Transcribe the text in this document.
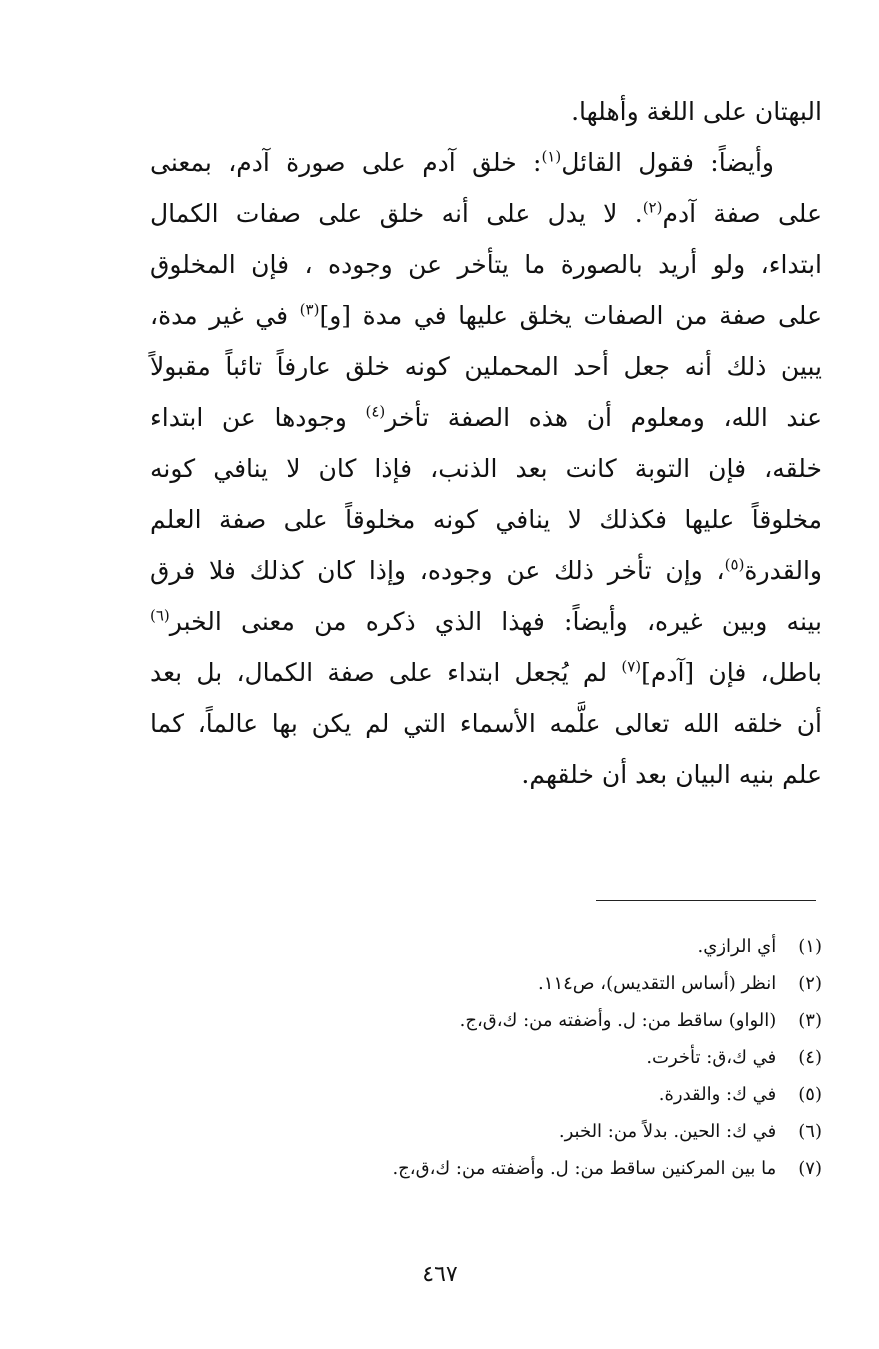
البهتان على اللغة وأهلها.
وأيضاً: فقول القائل$^{(١)}$: خلق آدم على صورة آدم، بمعنى
على صفة آدم$^{(٢)}$. لا يدل على أنه خلق على صفات الكمال
ابتداء، ولو أريد بالصورة ما يتأخر عن وجوده ، فإن المخلوق
على صفة من الصفات يخلق عليها في مدة [و]$^{(٣)}$ في غير مدة،
يبين ذلك أنه جعل أحد المحملين كونه خلق عارفاً تائباً مقبولاً
عند الله، ومعلوم أن هذه الصفة تأخر$^{(٤)}$ وجودها عن ابتداء
خلقه، فإن التوبة كانت بعد الذنب، فإذا كان لا ينافي كونه
مخلوقاً عليها فكذلك لا ينافي كونه مخلوقاً على صفة العلم
والقدرة$^{(٥)}$، وإن تأخر ذلك عن وجوده، وإذا كان كذلك فلا فرق
بينه وبين غيره، وأيضاً: فهذا الذي ذكره من معنى الخبر$^{(٦)}$
باطل، فإن [آدم]$^{(٧)}$ لم يُجعل ابتداء على صفة الكمال، بل بعد
أن خلقه الله تعالى علَّمه الأسماء التي لم يكن بها عالماً، كما
علم بنيه البيان بعد أن خلقهم.
(١) أي الرازي.
(٢) انظر (أساس التقديس)، ص١١٤.
(٣) (الواو) ساقط من: ل. وأضفته من: ك،ق،ج.
(٤) في ك،ق: تأخرت.
(٥) في ك: والقدرة.
(٦) في ك: الحين. بدلاً من: الخبر.
(٧) ما بين المركنين ساقط من: ل. وأضفته من: ك،ق،ج.
٤٦٧
